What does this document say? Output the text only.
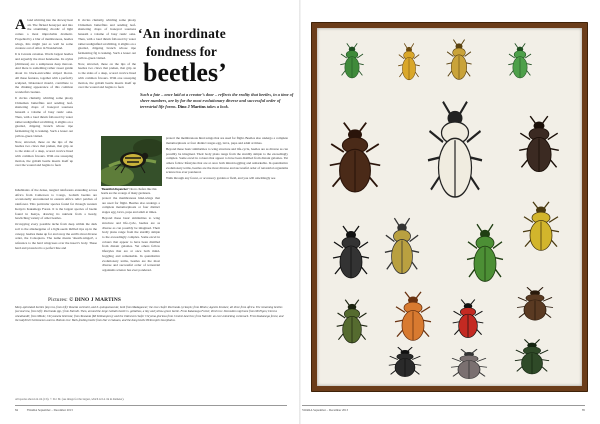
Aland whirring into the drowsy heat air. The flicked honeypot and into the strumming chordic of light comes a most improbable dramatic. Propelled by a blur of membranous, beetles wings, this might just as well be some creature out of Alice in Wonderland.

It is Cetonia cetoniae. Words largest beetles and arguably the most handsome. Its stylus (chitinous) are a sumptuous deep maroon. And there is something rather sweet gentle about its black-and-white striped thorax. All these features, together with a perfectly sculpted, bilaterated mould, contribute to the clinking appearance of this common wonderful creature.

It circles clumsily, whirling some phony Chinaman butterflies and sending leaf-shattering drops of honeyed sourness beneath a volume of busy rustic oaks. Then, with a loud thrum followed by water rather undignified scrabbling, it alights on a gnarled, dripping branch whose ripe fermenting fig is leaking. Such a lesser out yellow-green visited.

Now, attracted, these on the tips of the beetles two claws that prehen, that grip on to the sides of a deep, scored crevice lined with common favours. With one sweeping motion, the goliath beetle inserts itself up over the wound and begins to feed.

Inhabitants of the dense, tangled rainforests extending across Africa from Cameroon to Congo, Goliath beetles are occasionally encountered in eastern Africa relict patches of rainforest. This particular species found far through western Kenya's Kakamega Forest. It is the largest species of beetle found in Kenya, drawing its nutrient from a heady, bewitching variety of other beetles.

Occupying every possible niche from deep within the dark soil to the aliedeeppine of a light-seeds thrilled tips up in the canopy, beetles make up for and away the earth's most diverse order, the Coleoptera. The name means 'sheath-winged', a reference to the hard wingcases over the insect's body. These hard and protected is a perfect line and

‘An inordinate
fondness for
beetles’
Such a fate – once laid at a creator’s door – reflects the reality that beetles, in a time of sheer numbers, are by far the most evolutionary diverse and successful order of terrestrial life forms. Dino J Martins takes a look.

It circles clumsily, whirling some phony Chinaman butterflies and sending leaf-shattering drops of honeyed sourness beneath a volume of busy rustic oaks. Then, with a loud thrum followed by water rather undignified scrabbling, it alights on a gnarled, dripping branch whose ripe fermenting fig is leaking. Such a lesser out yellow-green visited.

Now, attracted, these on the tips of the beetles two claws that prehen, that grip on to the sides of a deep, scored crevice lined with common favours. With one sweeping motion, the goliath beetle inserts itself up over the wound and begins to feed.

'Beautiful dispatcher': Rove chafers like this beetle are the scourge of many gardeners.

protect the membranous hind-wings that are used for flight. Beetles also undergo a complete metamorphosis or four distinct stages egg, larva, pupa and adult at times.

Beyond these basic similarities to wing structure and life-cycle, beetles are as diverse as can possibly be imagined. Their body plans range from the sturdily simple to the exceedingly complex. Some excel in colours that appear to have been distilled from distant galaxies. Yet others follow lifestyles that are at once both mind-boggling and remarkable. In quantitative evolutionary terms, beetles are the most diverse and successful order of terrestrial organisms science has ever pondered.

protect the membranous hind-wings that are used for flight. Beetles also undergo a complete metamorphosis or four distinct stages egg, larva, pupa and adult at times.

Beyond these basic similarities to wing structure and life-cycle, beetles are as diverse as can possibly be imagined. Their body plans range from the sturdily simple to the exceedingly complex. Some excel in colours that appear to have been distilled from distant galaxies. Yet others follow lifestyles that are at once both mind-boggling and remarkable. In quantitative evolutionary terms, beetles are the most diverse and successful order of terrestrial organisms science has ever pondered.

Walk through any forest, or accessory garden or field, and you will unwittingly see

Pictures: © DINO J MARTINS
Many-spiralated beetles (top row, from left): Rosetia varicolor, and Z. quinquemacula; both from Madagascar; the rose chafer Pachnoda cyclaspis; from Mbulu; Agestis brookes; all three from Africa. The remaining beetles (second row, from left): Pachnoda spp.; from Nairobi. Then, around the large Goliath beetle G. goliathus, a tiny and yellow-green beetle. From Kakamega Forest; third row: Dorcadion nigrinum from Mt Elgon; Dorcus wheatlandii; from Mbulu; Chrysomela bistriata; from Tanzania (Mt Kilimanjaro); and the iridescent chafer Chrysina gloriosa from Central America; from Nairobi: an ever-mimicking cockroach. From Kakamega forest, and the ladybird Cheilomenes aurora. Bottom row: Bark-feeding beetle from Dar es Salaam, and the dung beetle Heliocopris bucephalus.
All species shown in cm (1:6). © D.J. M. (see image for the largest, which is 6.4 cm in diameter).
84	SWARA September – December 2013	SWARA September – December 2013	85
